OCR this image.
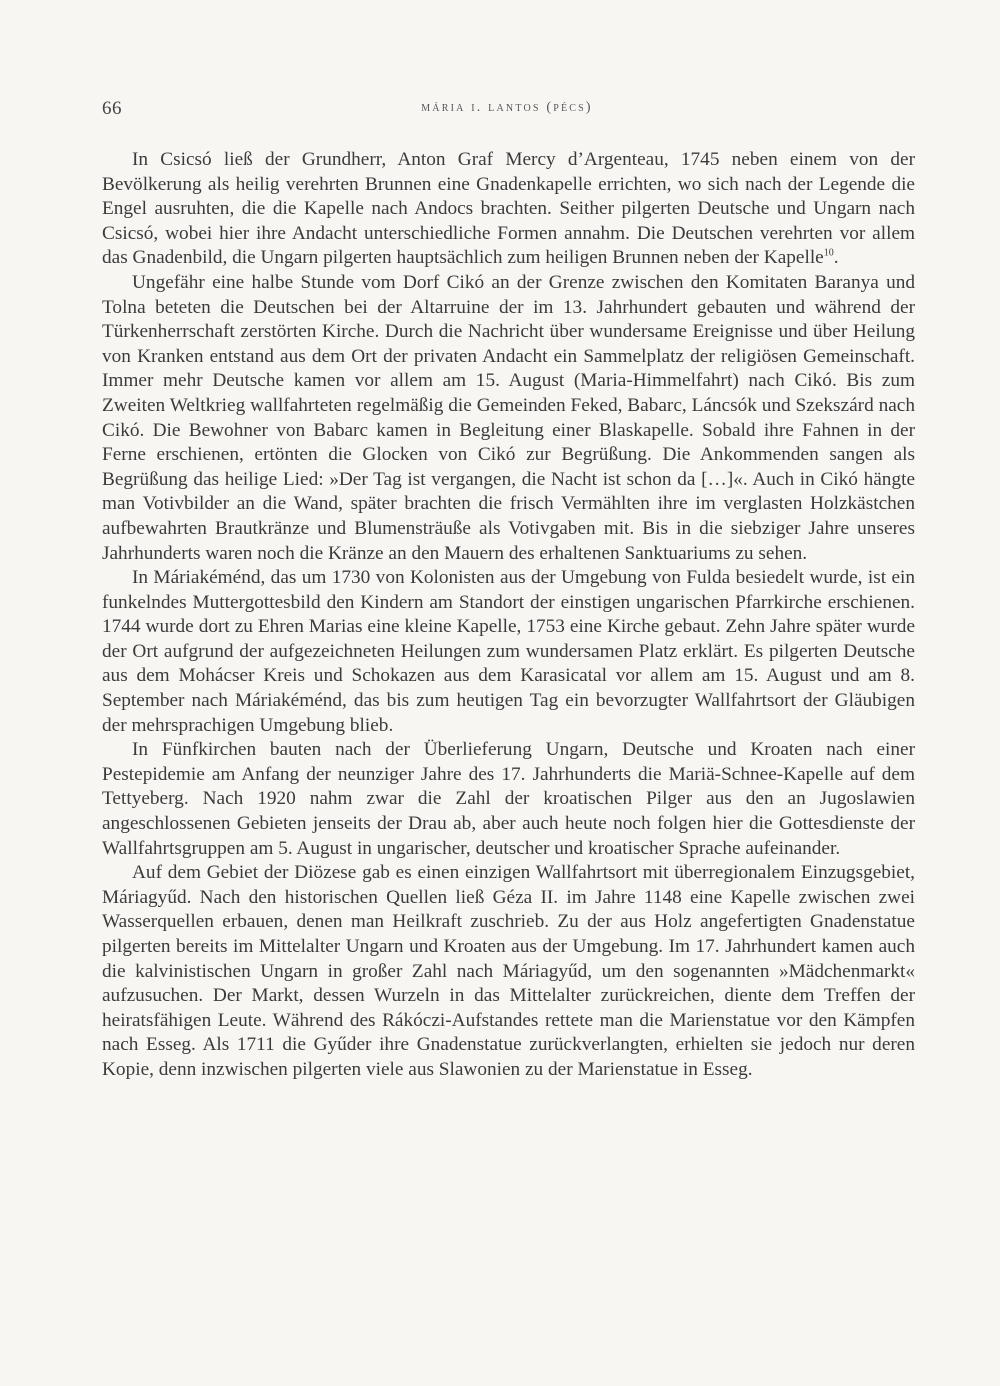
66	mária i. lantos (pécs)

In Csicsó ließ der Grundherr, Anton Graf Mercy d’Argenteau, 1745 neben einem von der Bevölkerung als heilig verehrten Brunnen eine Gnadenkapelle errichten, wo sich nach der Legende die Engel ausruhten, die die Kapelle nach Andocs brachten. Seither pilgerten Deutsche und Ungarn nach Csicsó, wobei hier ihre Andacht unterschiedliche Formen annahm. Die Deutschen verehrten vor allem das Gnadenbild, die Ungarn pilgerten hauptsächlich zum heiligen Brunnen neben der Kapelle$^{10}$.

Ungefähr eine halbe Stunde vom Dorf Cikó an der Grenze zwischen den Komitaten Baranya und Tolna beteten die Deutschen bei der Altarruine der im 13. Jahrhundert gebauten und während der Türkenherrschaft zerstörten Kirche. Durch die Nachricht über wundersame Ereignisse und über Heilung von Kranken entstand aus dem Ort der privaten Andacht ein Sammelplatz der religiösen Gemeinschaft. Immer mehr Deutsche kamen vor allem am 15. August (Maria-Himmelfahrt) nach Cikó. Bis zum Zweiten Weltkrieg wallfahrteten regelmäßig die Gemeinden Feked, Babarc, Láncsók und Szekszárd nach Cikó. Die Bewohner von Babarc kamen in Begleitung einer Blaskapelle. Sobald ihre Fahnen in der Ferne erschienen, ertönten die Glocken von Cikó zur Begrüßung. Die Ankommenden sangen als Begrüßung das heilige Lied: »Der Tag ist vergangen, die Nacht ist schon da […]«. Auch in Cikó hängte man Votivbilder an die Wand, später brachten die frisch Vermählten ihre im verglasten Holzkästchen aufbewahrten Brautkränze und Blumensträuße als Votivgaben mit. Bis in die siebziger Jahre unseres Jahrhunderts waren noch die Kränze an den Mauern des erhaltenen Sanktuariums zu sehen.

In Máriakéménd, das um 1730 von Kolonisten aus der Umgebung von Fulda besiedelt wurde, ist ein funkelndes Muttergottesbild den Kindern am Standort der einstigen ungarischen Pfarrkirche erschienen. 1744 wurde dort zu Ehren Marias eine kleine Kapelle, 1753 eine Kirche gebaut. Zehn Jahre später wurde der Ort aufgrund der aufgezeichneten Heilungen zum wundersamen Platz erklärt. Es pilgerten Deutsche aus dem Mohácser Kreis und Schokazen aus dem Karasicatal vor allem am 15. August und am 8. September nach Máriakéménd, das bis zum heutigen Tag ein bevorzugter Wallfahrtsort der Gläubigen der mehrsprachigen Umgebung blieb.

In Fünfkirchen bauten nach der Überlieferung Ungarn, Deutsche und Kroaten nach einer Pestepidemie am Anfang der neunziger Jahre des 17. Jahrhunderts die Mariä-Schnee-Kapelle auf dem Tettyeberg. Nach 1920 nahm zwar die Zahl der kroatischen Pilger aus den an Jugoslawien angeschlossenen Gebieten jenseits der Drau ab, aber auch heute noch folgen hier die Gottesdienste der Wallfahrtsgruppen am 5. August in ungarischer, deutscher und kroatischer Sprache aufeinander.

Auf dem Gebiet der Diözese gab es einen einzigen Wallfahrtsort mit überregionalem Einzugsgebiet, Máriagyűd. Nach den historischen Quellen ließ Géza II. im Jahre 1148 eine Kapelle zwischen zwei Wasserquellen erbauen, denen man Heilkraft zuschrieb. Zu der aus Holz angefertigten Gnadenstatue pilgerten bereits im Mittelalter Ungarn und Kroaten aus der Umgebung. Im 17. Jahrhundert kamen auch die kalvinistischen Ungarn in großer Zahl nach Máriagyűd, um den sogenannten »Mädchenmarkt« aufzusuchen. Der Markt, dessen Wurzeln in das Mittelalter zurückreichen, diente dem Treffen der heiratsfähigen Leute. Während des Rákóczi-Aufstandes rettete man die Marienstatue vor den Kämpfen nach Esseg. Als 1711 die Gyűder ihre Gnadenstatue zurückverlangten, erhielten sie jedoch nur deren Kopie, denn inzwischen pilgerten viele aus Slawonien zu der Marienstatue in Esseg.
